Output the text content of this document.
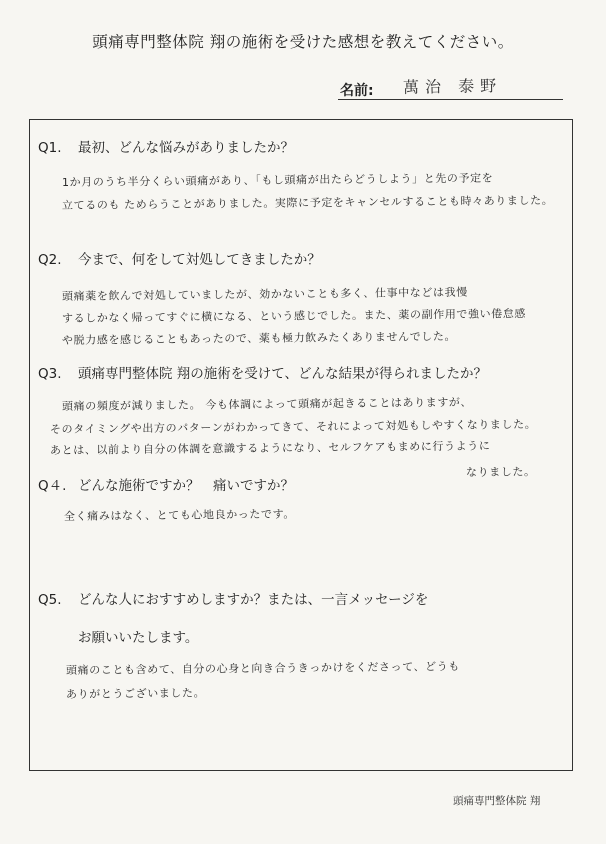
頭痛専門整体院 翔の施術を受けた感想を教えてください。
名前: 萬治 泰野
Q1. 最初、どんな悩みがありましたか？
1か月のうち半分くらい頭痛があり、「もし頭痛が出たらどうしよう」と先の予定を
立てるのも ためらうことがありました。実際に予定をキャンセルすることも時々ありました。
Q2. 今まで、何をして対処してきましたか？
頭痛薬を飲んで対処していましたが、効かないことも多く、仕事中などは我慢
するしかなく帰ってすぐに横になる、という感じでした。また、薬の副作用で強い倦怠感
や脱力感を感じることもあったので、薬も極力飲みたくありませんでした。
Q3. 頭痛専門整体院 翔の施術を受けて、どんな結果が得られましたか？
頭痛の頻度が減りました。 今も体調によって頭痛が起きることはありますが、
そのタイミングや出方のパターンがわかってきて、それによって対処もしやすくなりました。
あとは、以前より自分の体調を意識するようになり、セルフケアもまめに行うように
なりました。
Q４. どんな施術ですか？　痛いですか？
全く痛みはなく、とても心地良かったです。
Q5. どんな人におすすめしますか？または、一言メッセージを
お願いいたします。
頭痛のことも含めて、自分の心身と向き合うきっかけをくださって、どうも
ありがとうございました。
頭痛専門整体院 翔
